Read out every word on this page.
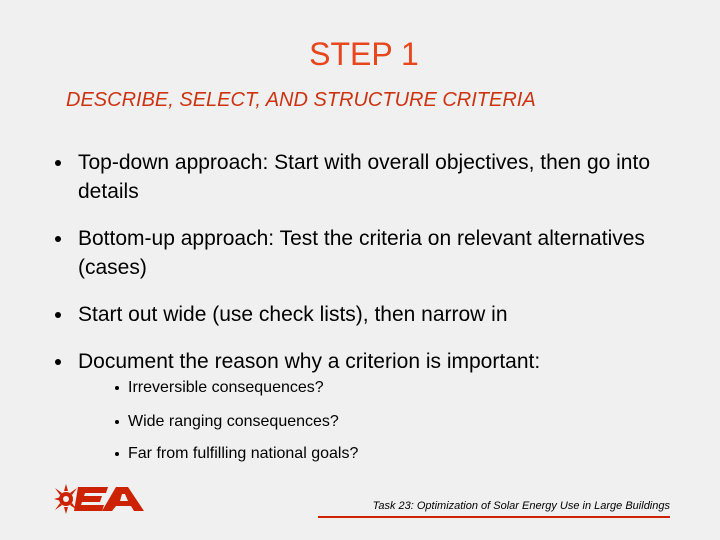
STEP 1
DESCRIBE, SELECT, AND STRUCTURE CRITERIA
Top-down approach: Start with overall objectives, then go into details
Bottom-up approach: Test the criteria on relevant alternatives (cases)
Start out wide (use check lists), then narrow in
Document the reason why a criterion is important:
Irreversible consequences?
Wide ranging consequences?
Far from fulfilling national goals?
Task 23: Optimization of Solar Energy Use in Large Buildings
